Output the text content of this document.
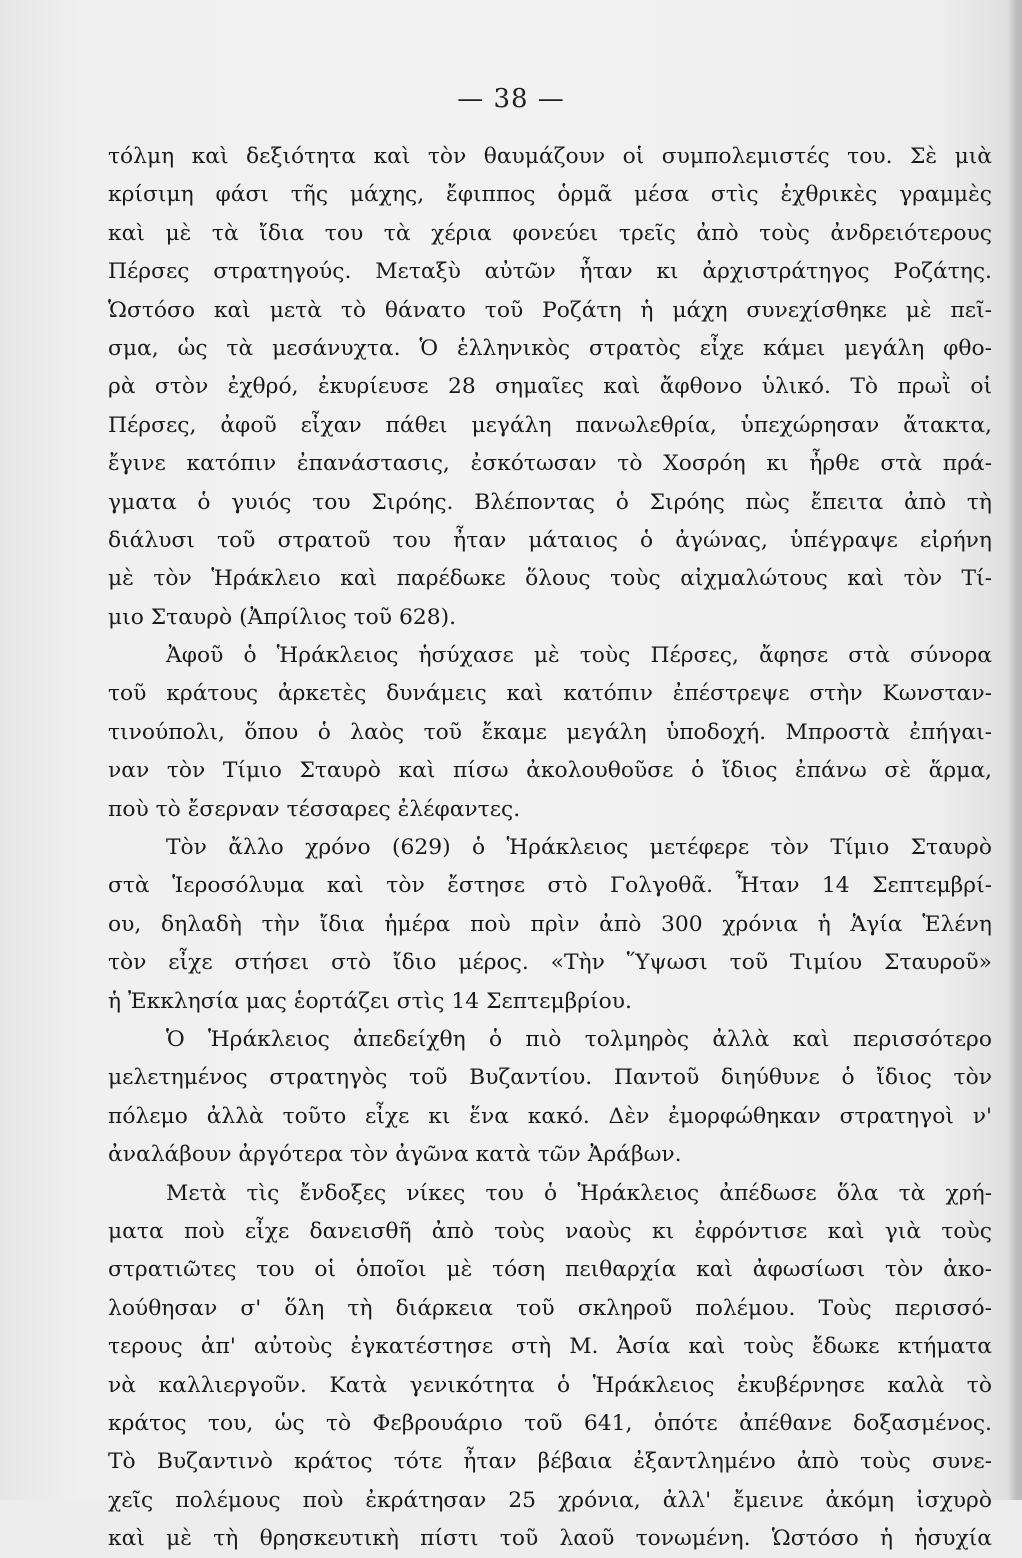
— 38 —

τόλμη καὶ δεξιότητα καὶ τὸν θαυμάζουν οἱ συμπολεμιστές του. Σὲ μιὰ
κρίσιμη φάσι τῆς μάχης, ἔφιππος ὁρμᾶ μέσα στὶς ἐχθρικὲς γραμμὲς
καὶ μὲ τὰ ἴδια του τὰ χέρια φονεύει τρεῖς ἀπὸ τοὺς ἀνδρειότερους
Πέρσες στρατηγούς. Μεταξὺ αὐτῶν ἦταν κι ἀρχιστράτηγος Ροζάτης.
Ὡστόσο καὶ μετὰ τὸ θάνατο τοῦ Ροζάτη ἡ μάχη συνεχίσθηκε μὲ πεῖ-
σμα, ὡς τὰ μεσάνυχτα. Ὁ ἑλληνικὸς στρατὸς εἶχε κάμει μεγάλη φθο-
ρὰ στὸν ἐχθρό, ἐκυρίευσε 28 σημαῖες καὶ ἄφθονο ὑλικό. Τὸ πρωῒ οἱ
Πέρσες, ἀφοῦ εἶχαν πάθει μεγάλη πανωλεθρία, ὑπεχώρησαν ἄτακτα,
ἔγινε κατόπιν ἐπανάστασις, ἐσκότωσαν τὸ Χοσρόη κι ἦρθε στὰ πρά-
γματα ὁ γυιός του Σιρόης. Βλέποντας ὁ Σιρόης πὼς ἔπειτα ἀπὸ τὴ
διάλυσι τοῦ στρατοῦ του ἦταν μάταιος ὁ ἀγώνας, ὑπέγραψε εἰρήνη
μὲ τὸν Ἡράκλειο καὶ παρέδωκε ὅλους τοὺς αἰχμαλώτους καὶ τὸν Τί-
μιο Σταυρὸ (Ἀπρίλιος τοῦ 628).

Ἀφοῦ ὁ Ἡράκλειος ἡσύχασε μὲ τοὺς Πέρσες, ἄφησε στὰ σύνορα
τοῦ κράτους ἀρκετὲς δυνάμεις καὶ κατόπιν ἐπέστρεψε στὴν Κωνσταν-
τινούπολι, ὅπου ὁ λαὸς τοῦ ἔκαμε μεγάλη ὑποδοχή. Μπροστὰ ἐπήγαι-
ναν τὸν Τίμιο Σταυρὸ καὶ πίσω ἀκολουθοῦσε ὁ ἴδιος ἐπάνω σὲ ἅρμα,
ποὺ τὸ ἔσερναν τέσσαρες ἐλέφαντες.

Τὸν ἄλλο χρόνο (629) ὁ Ἡράκλειος μετέφερε τὸν Τίμιο Σταυρὸ
στὰ Ἱεροσόλυμα καὶ τὸν ἔστησε στὸ Γολγοθᾶ. Ἦταν 14 Σεπτεμβρί-
ου, δηλαδὴ τὴν ἴδια ἡμέρα ποὺ πρὶν ἀπὸ 300 χρόνια ἡ Ἁγία Ἑλένη
τὸν εἶχε στήσει στὸ ἴδιο μέρος. «Τὴν Ὕψωσι τοῦ Τιμίου Σταυροῦ»
ἡ Ἐκκλησία μας ἑορτάζει στὶς 14 Σεπτεμβρίου.

Ὁ Ἡράκλειος ἀπεδείχθη ὁ πιὸ τολμηρὸς ἀλλὰ καὶ περισσότερο
μελετημένος στρατηγὸς τοῦ Βυζαντίου. Παντοῦ διηύθυνε ὁ ἴδιος τὸν
πόλεμο ἀλλὰ τοῦτο εἶχε κι ἕνα κακό. Δὲν ἐμορφώθηκαν στρατηγοὶ ν'
ἀναλάβουν ἀργότερα τὸν ἀγῶνα κατὰ τῶν Ἀράβων.

Μετὰ τὶς ἔνδοξες νίκες του ὁ Ἡράκλειος ἀπέδωσε ὅλα τὰ χρή-
ματα ποὺ εἶχε δανεισθῆ ἀπὸ τοὺς ναοὺς κι ἐφρόντισε καὶ γιὰ τοὺς
στρατιῶτες του οἱ ὁποῖοι μὲ τόση πειθαρχία καὶ ἀφωσίωσι τὸν ἀκο-
λούθησαν σ' ὅλη τὴ διάρκεια τοῦ σκληροῦ πολέμου. Τοὺς περισσό-
τερους ἀπ' αὐτοὺς ἐγκατέστησε στὴ Μ. Ἀσία καὶ τοὺς ἔδωκε κτήματα
νὰ καλλιεργοῦν. Κατὰ γενικότητα ὁ Ἡράκλειος ἐκυβέρνησε καλὰ τὸ
κράτος του, ὡς τὸ Φεβρουάριο τοῦ 641, ὁπότε ἀπέθανε δοξασμένος.
Τὸ Βυζαντινὸ κράτος τότε ἦταν βέβαια ἐξαντλημένο ἀπὸ τοὺς συνε-
χεῖς πολέμους ποὺ ἐκράτησαν 25 χρόνια, ἀλλ' ἔμεινε ἀκόμη ἰσχυρὸ
καὶ μὲ τὴ θρησκευτικὴ πίστι τοῦ λαοῦ τονωμένη. Ὡστόσο ἡ ἡσυχία
